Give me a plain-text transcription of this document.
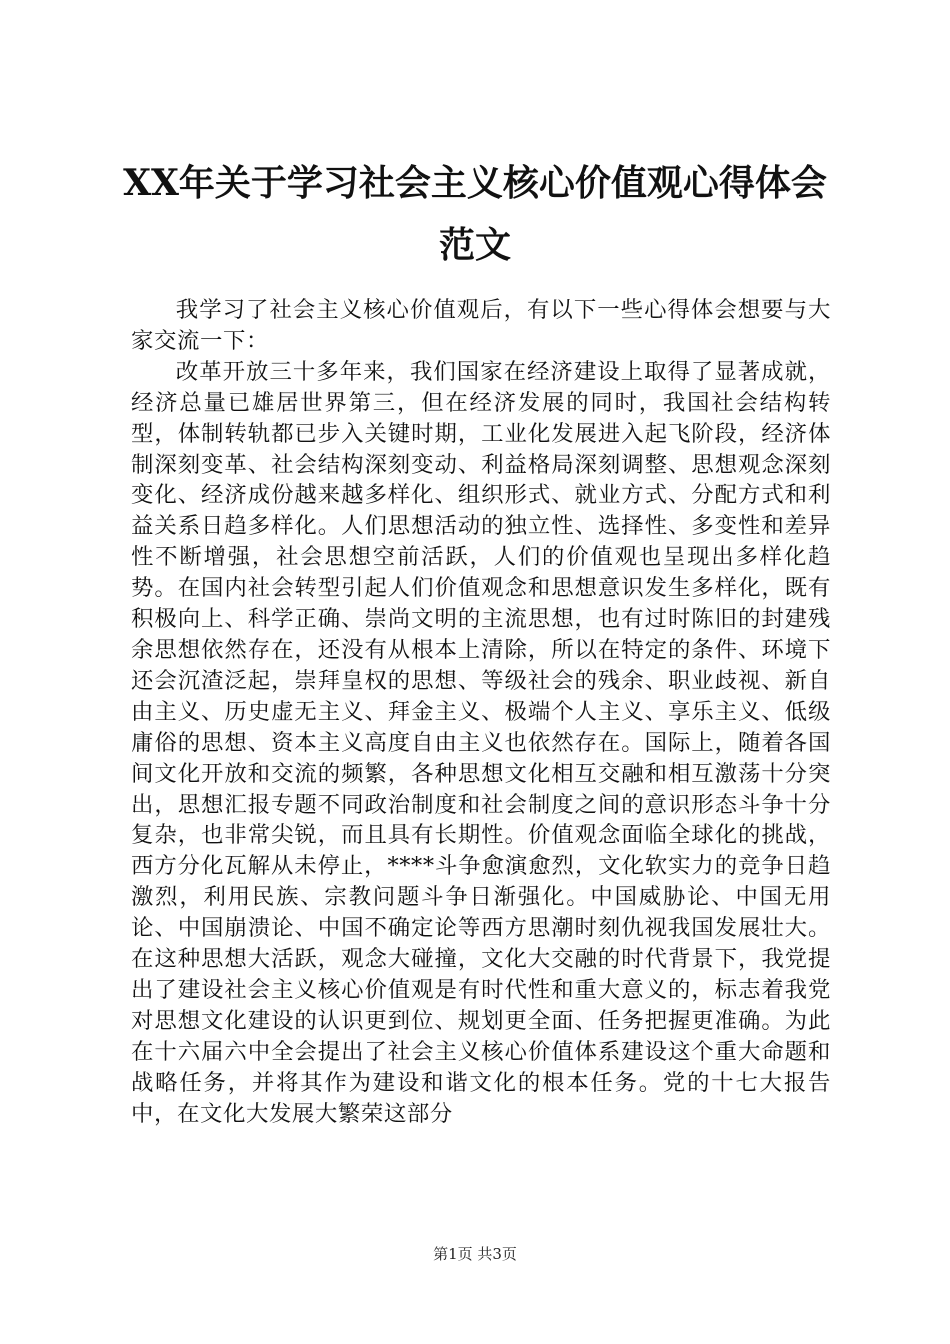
XX年关于学习社会主义核心价值观心得体会
范文

我学习了社会主义核心价值观后，有以下一些心得体会想要与大家交流一下：

改革开放三十多年来，我们国家在经济建设上取得了显著成就，经济总量已雄居世界第三，但在经济发展的同时，我国社会结构转型，体制转轨都已步入关键时期，工业化发展进入起飞阶段，经济体制深刻变革、社会结构深刻变动、利益格局深刻调整、思想观念深刻变化、经济成份越来越多样化、组织形式、就业方式、分配方式和利益关系日趋多样化。人们思想活动的独立性、选择性、多变性和差异性不断增强，社会思想空前活跃，人们的价值观也呈现出多样化趋势。在国内社会转型引起人们价值观念和思想意识发生多样化，既有积极向上、科学正确、崇尚文明的主流思想，也有过时陈旧的封建残余思想依然存在，还没有从根本上清除，所以在特定的条件、环境下还会沉渣泛起，崇拜皇权的思想、等级社会的残余、职业歧视、新自由主义、历史虚无主义、拜金主义、极端个人主义、享乐主义、低级庸俗的思想、资本主义高度自由主义也依然存在。国际上，随着各国间文化开放和交流的频繁，各种思想文化相互交融和相互激荡十分突出，思想汇报专题不同政治制度和社会制度之间的意识形态斗争十分复杂，也非常尖锐，而且具有长期性。价值观念面临全球化的挑战，西方分化瓦解从未停止，****斗争愈演愈烈，文化软实力的竞争日趋激烈，利用民族、宗教问题斗争日渐强化。中国威胁论、中国无用论、中国崩溃论、中国不确定论等西方思潮时刻仇视我国发展壮大。在这种思想大活跃，观念大碰撞，文化大交融的时代背景下，我党提出了建设社会主义核心价值观是有时代性和重大意义的，标志着我党对思想文化建设的认识更到位、规划更全面、任务把握更准确。为此在十六届六中全会提出了社会主义核心价值体系建设这个重大命题和战略任务，并将其作为建设和谐文化的根本任务。党的十七大报告中，在文化大发展大繁荣这部分

第1页 共3页
